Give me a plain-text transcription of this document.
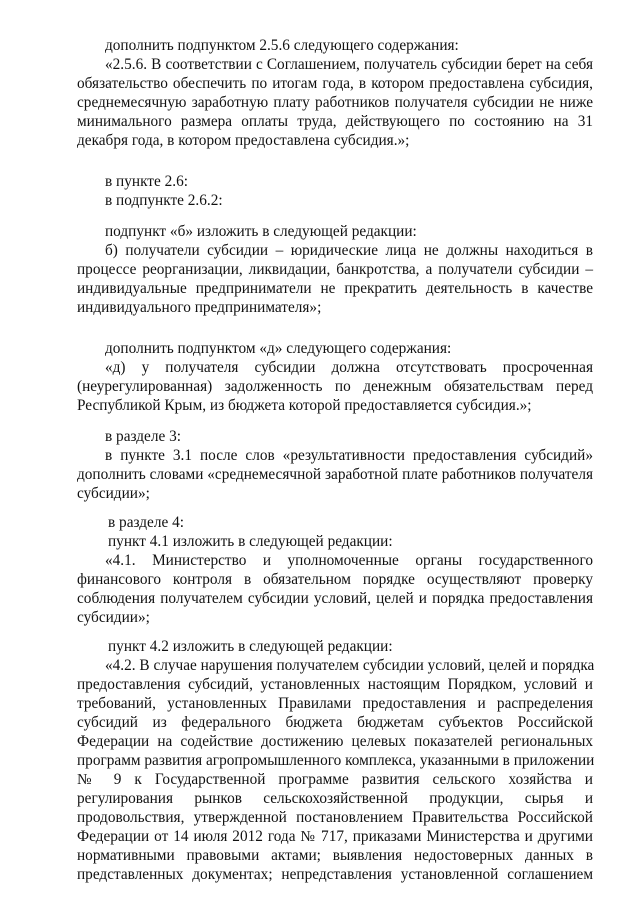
дополнить подпунктом 2.5.6 следующего содержания:
«2.5.6. В соответствии с Соглашением, получатель субсидии берет на себя
обязательство обеспечить по итогам года, в котором предоставлена субсидия,
среднемесячную заработную плату работников получателя субсидии не ниже
минимального размера оплаты труда, действующего по состоянию на 31
декабря года, в котором предоставлена субсидия.»;
в пункте 2.6:
в подпункте 2.6.2:
подпункт «б» изложить в следующей редакции:
б) получатели субсидии – юридические лица не должны находиться в
процессе реорганизации, ликвидации, банкротства, а получатели субсидии –
индивидуальные предприниматели не прекратить деятельность в качестве
индивидуального предпринимателя»;
дополнить подпунктом «д» следующего содержания:
«д) у получателя субсидии должна отсутствовать просроченная
(неурегулированная) задолженность по денежным обязательствам перед
Республикой Крым, из бюджета которой предоставляется субсидия.»;
в разделе 3:
в пункте 3.1 после слов «результативности предоставления субсидий»
дополнить словами «среднемесячной заработной плате работников получателя
субсидии»;
в разделе 4:
пункт 4.1 изложить в следующей редакции:
«4.1. Министерство и уполномоченные органы государственного
финансового контроля в обязательном порядке осуществляют проверку
соблюдения получателем субсидии условий, целей и порядка предоставления
субсидии»;
пункт 4.2 изложить в следующей редакции:
«4.2. В случае нарушения получателем субсидии условий, целей и порядка
предоставления субсидий, установленных настоящим Порядком, условий и
требований, установленных Правилами предоставления и распределения
субсидий из федерального бюджета бюджетам субъектов Российской
Федерации на содействие достижению целевых показателей региональных
программ развития агропромышленного комплекса, указанными в приложении
№ 9 к Государственной программе развития сельского хозяйства и
регулирования рынков сельскохозяйственной продукции, сырья и
продовольствия, утвержденной постановлением Правительства Российской
Федерации от 14 июля 2012 года № 717, приказами Министерства и другими
нормативными правовыми актами; выявления недостоверных данных в
представленных документах; непредставления установленной соглашением
